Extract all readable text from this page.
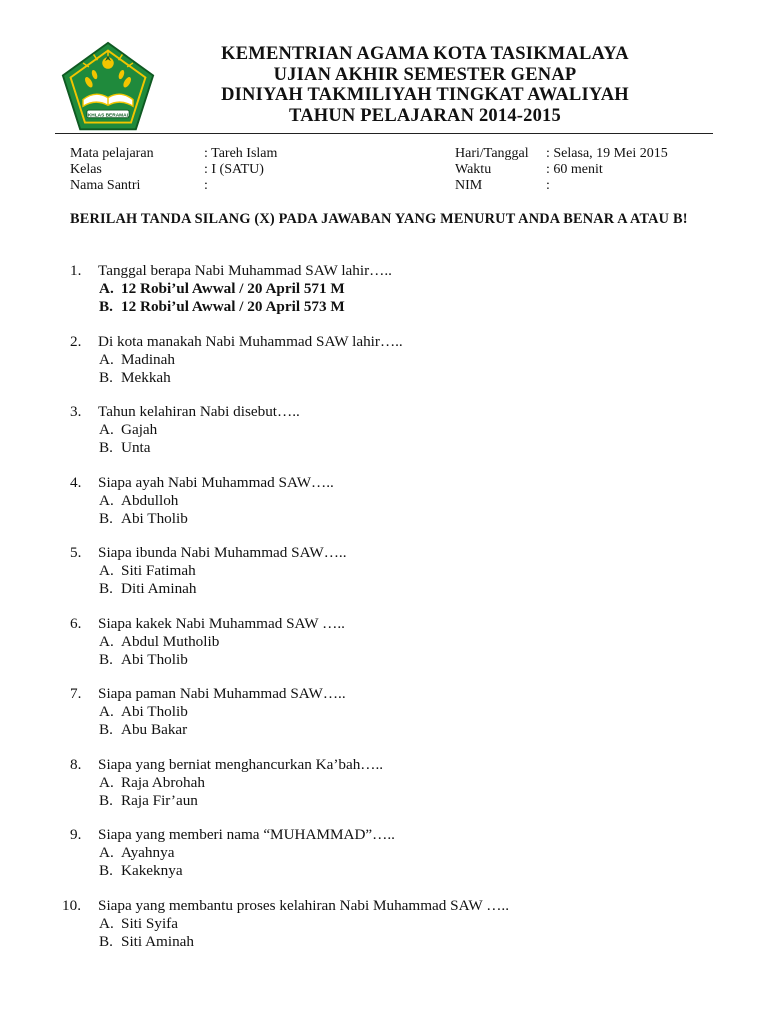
IKHLAS BERAMAL
KEMENTRIAN AGAMA KOTA TASIKMALAYA
UJIAN AKHIR SEMESTER GENAP
DINIYAH TAKMILIYAH TINGKAT AWALIYAH
TAHUN PELAJARAN 2014-2015
Mata pelajaran	: Tareh Islam	Hari/Tanggal : Selasa, 19 Mei 2015
Kelas	: I (SATU)	Waktu	: 60 menit
Nama Santri	:	NIM	:
BERILAH TANDA SILANG (X) PADA JAWABAN YANG MENURUT ANDA BENAR A ATAU B!
1. Tanggal berapa Nabi Muhammad SAW lahir…..
A. 12 Robi’ul Awwal / 20 April 571 M
B. 12 Robi’ul Awwal / 20 April 573 M
2. Di kota manakah Nabi Muhammad SAW lahir…..
A. Madinah
B. Mekkah
3. Tahun kelahiran Nabi disebut…..
A. Gajah
B. Unta
4. Siapa ayah Nabi Muhammad SAW…..
A. Abdulloh
B. Abi Tholib
5. Siapa ibunda Nabi Muhammad SAW…..
A. Siti Fatimah
B. Diti Aminah
6. Siapa kakek Nabi Muhammad SAW …..
A. Abdul Mutholib
B. Abi Tholib
7. Siapa paman Nabi Muhammad SAW…..
A. Abi Tholib
B. Abu Bakar
8. Siapa yang berniat menghancurkan Ka’bah…..
A. Raja Abrohah
B. Raja Fir’aun
9. Siapa yang memberi nama “MUHAMMAD”…..
A. Ayahnya
B. Kakeknya
10. Siapa yang membantu proses kelahiran Nabi Muhammad SAW …..
A. Siti Syifa
B. Siti Aminah
